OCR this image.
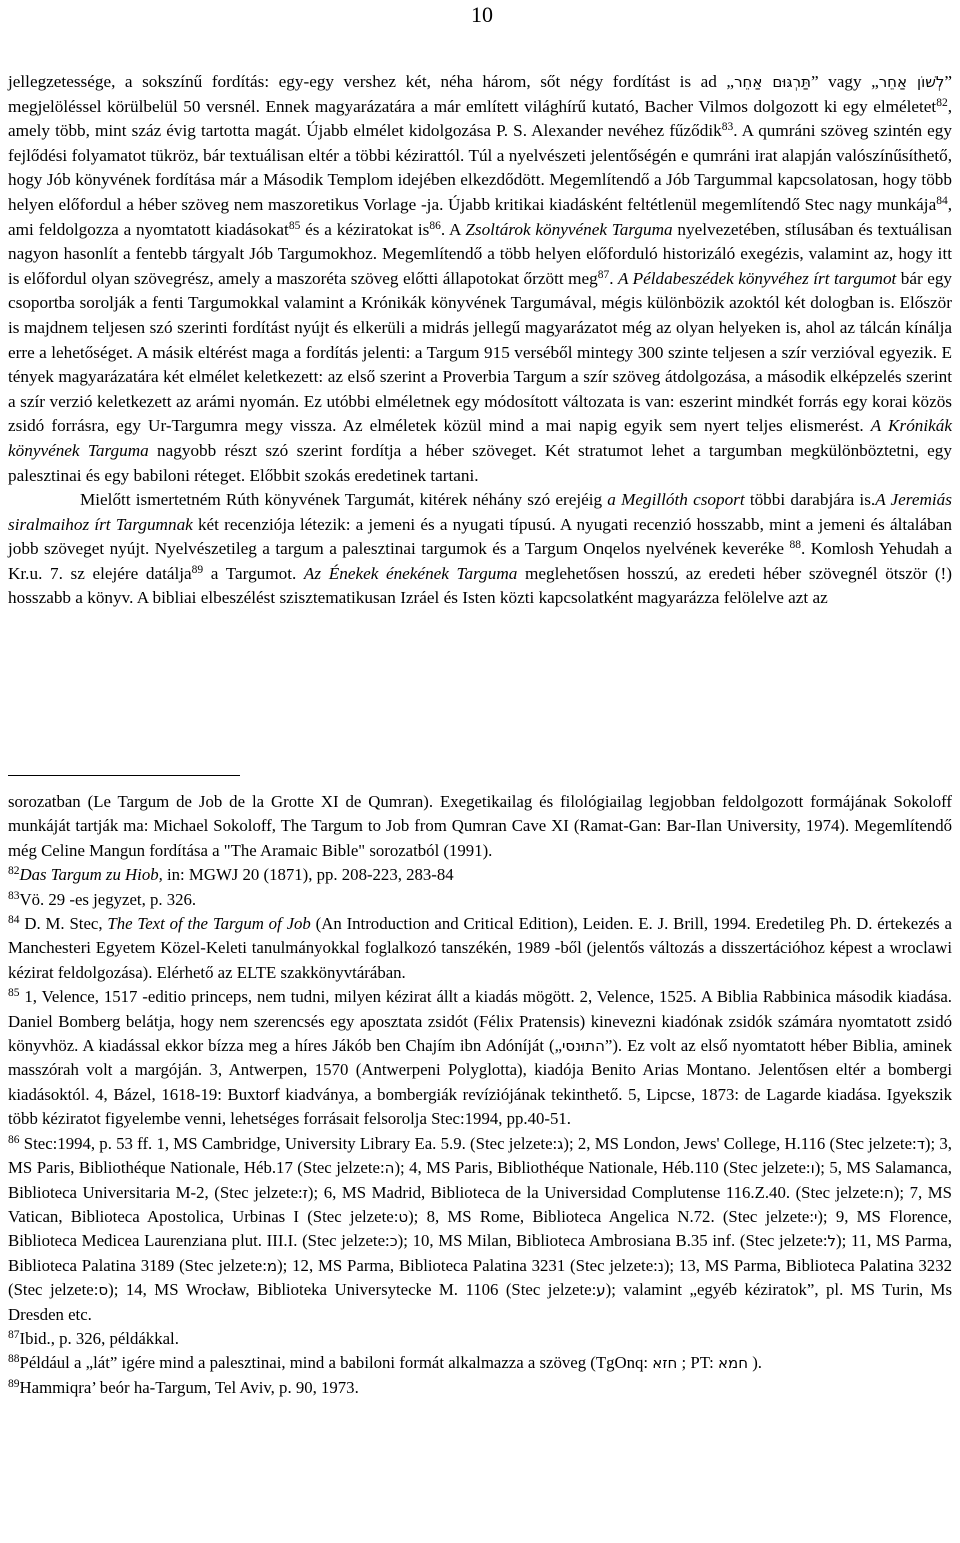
10

jellegzetessége, a sokszínű fordítás: egy-egy vershez két, néha három, sőt négy fordítást is ad „תַּרְגּוּם אַחֵר” vagy „לְשׁוֹן אַחֵר” megjelöléssel körülbelül 50 versnél. Ennek magyarázatára a már említett világhírű kutató, Bacher Vilmos dolgozott ki egy elméletet$^{82}$, amely több, mint száz évig tartotta magát. Újabb elmélet kidolgozása P. S. Alexander nevéhez fűződik$^{83}$. A qumráni szöveg szintén egy fejlődési folyamatot tükröz, bár textuálisan eltér a többi kézirattól. Túl a nyelvészeti jelentőségén e qumráni irat alapján valószínűsíthető, hogy Jób könyvének fordítása már a Második Templom idejében elkezdődött. Megemlítendő a Jób Targummal kapcsolatosan, hogy több helyen előfordul a héber szöveg nem maszoretikus Vorlage -ja. Újabb kritikai kiadásként feltétlenül megemlítendő Stec nagy munkája$^{84}$, ami feldolgozza a nyomtatott kiadásokat$^{85}$ és a kéziratokat $is^{86}$. A Zsoltárok könyvének Targuma nyelvezetében, stílusában és textuálisan nagyon hasonlít a fentebb tárgyalt Jób Targumokhoz. Megemlítendő a több helyen előforduló historizáló exegézis, valamint az, hogy itt is előfordul olyan szövegrész, amely a maszoréta szöveg előtti állapotokat őrzött meg$^{87}$. A Példabeszédek könyvéhez írt targumot bár egy csoportba sorolják a fenti Targumokkal valamint a Krónikák könyvének Targumával, mégis különbözik azoktól két dologban is. Először is majdnem teljesen szó szerinti fordítást nyújt és elkerüli a midrás jellegű magyarázatot még az olyan helyeken is, ahol az tálcán kínálja erre a lehetőséget. A másik eltérést maga a fordítás jelenti: a Targum 915 verséből mintegy 300 szinte teljesen a szír verzióval egyezik. E tények magyarázatára két elmélet keletkezett: az első szerint a Proverbia Targum a szír szöveg átdolgozása, a második elképzelés szerint a szír verzió keletkezett az arámi nyomán. Ez utóbbi elméletnek egy módosított változata is van: eszerint mindkét forrás egy korai közös zsidó forrásra, egy Ur-Targumra megy vissza. Az elméletek közül mind a mai napig egyik sem nyert teljes elismerést. A Krónikák könyvének Targuma nagyobb részt szó szerint fordítja a héber szöveget. Két stratumot lehet a targumban megkülönböztetni, egy palesztinai és egy babiloni réteget. Előbbit szokás eredetinek tartani.

Mielőtt ismertetném Rúth könyvének Targumát, kitérek néhány szó erejéig a Megillóth csoport többi darabjára is.A Jeremiás siralmaihoz írt Targumnak két recenziója létezik: a jemeni és a nyugati típusú. A nyugati recenzió hosszabb, mint a jemeni és általában jobb szöveget nyújt. Nyelvészetileg a targum a palesztinai targumok és a Targum Onqelos nyelvének keveréke $^{88}$. Komlosh Yehudah a Kr.u. 7. sz elejére datálja$^{89}$ a Targumot. Az Énekek énekének Targuma meglehetősen hosszú, az eredeti héber szövegnél ötször (!) hosszabb a könyv. A bibliai elbeszélést szisztematikusan Izráel és Isten közti kapcsolatként magyarázza felölelve azt az

sorozatban (Le Targum de Job de la Grotte XI de Qumran). Exegetikailag és filológiailag legjobban feldolgozott formájának Sokoloff munkáját tartják ma: Michael Sokoloff, The Targum to Job from Qumran Cave XI (Ramat-Gan: Bar-Ilan University, 1974). Megemlítendő még Celine Mangun fordítása a "The Aramaic Bible" sorozatból (1991).

$^{82}$Das Targum zu Hiob, in: MGWJ 20 (1871), pp. 208-223, 283-84

$^{83}$Vö. 29 -es jegyzet, p. 326.

$^{84}$ D. M. Stec, The Text of the Targum of Job (An Introduction and Critical Edition), Leiden. E. J. Brill, 1994. Eredetileg Ph. D. értekezés a Manchesteri Egyetem Közel-Keleti tanulmányokkal foglalkozó tanszékén, 1989 -ből (jelentős változás a disszertációhoz képest a wroclawi kézirat feldolgozása). Elérhető az ELTE szakkönyvtárában.

$^{85}$ 1, Velence, 1517 -editio princeps, nem tudni, milyen kézirat állt a kiadás mögött. 2, Velence, 1525. A Biblia Rabbinica második kiadása. Daniel Bomberg belátja, hogy nem szerencsés egy aposztata zsidót (Félix Pratensis) kinevezni kiadónak zsidók számára nyomtatott zsidó könyvhöz. A kiadással ekkor bízza meg a híres Jákób ben Chajím ibn Adóníját („התוּנסי”). Ez volt az első nyomtatott héber Biblia, aminek masszórah volt a margóján. 3, Antwerpen, 1570 (Antwerpeni Polyglotta), kiadója Benito Arias Montano. Jelentősen eltér a bombergi kiadásoktól. 4, Bázel, 1618-19: Buxtorf kiadványa, a bombergiák revíziójának tekinthető. 5, Lipcse, 1873: de Lagarde kiadása. Igyekszik több kéziratot figyelembe venni, lehetséges forrásait felsorolja Stec:1994, pp.40-51.

$^{86}$ Stec:1994, p. 53 ff. 1, MS Cambridge, University Library Ea. 5.9. (Stec jelzete:ג); 2, MS London, Jews' College, H.116 (Stec jelzete:ד); 3, MS Paris, Bibliothéque Nationale, Héb.17 (Stec jelzete:ה); 4, MS Paris, Bibliothéque Nationale, Héb.110 (Stec jelzete:ו); 5, MS Salamanca, Biblioteca Universitaria M-2, (Stec jelzete:ז); 6, MS Madrid, Biblioteca de la Universidad Complutense 116.Z.40. (Stec jelzete:ח); 7, MS Vatican, Biblioteca Apostolica, Urbinas I (Stec jelzete:ט); 8, MS Rome, Biblioteca Angelica N.72. (Stec jelzete:י); 9, MS Florence, Biblioteca Medicea Laurenziana plut. III.I. (Stec jelzete:כ); 10, MS Milan, Biblioteca Ambrosiana B.35 inf. (Stec jelzete:ל); 11, MS Parma, Biblioteca Palatina 3189 (Stec jelzete:מ); 12, MS Parma, Biblioteca Palatina 3231 (Stec jelzete:נ); 13, MS Parma, Biblioteca Palatina 3232 (Stec jelzete:ס); 14, MS Wrocław, Biblioteka Universytecke M. 1106 (Stec jelzete:ע); valamint „egyéb kéziratok”, pl. MS Turin, Ms Dresden etc.

$^{87}$Ibid., p. 326, példákkal.

$^{88}$Például a „lát” igére mind a palesztinai, mind a babiloni formát alkalmazza a szöveg (TgOnq: חזא ; PT: חמא ).

$^{89}$Hammiqra’ beór ha-Targum, Tel Aviv, p. 90, 1973.
